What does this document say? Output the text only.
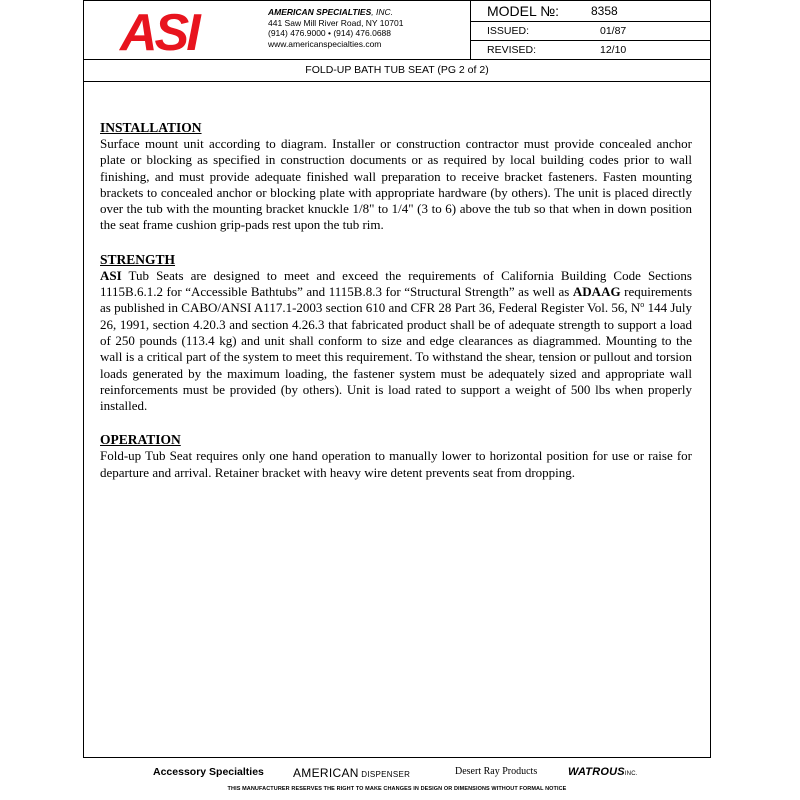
ASI	AMERICAN SPECIALTIES, INC.
441 Saw Mill River Road, NY 10701
(914) 476.9000 • (914) 476.0688
www.americanspecialties.com
MODEL №:	8358
ISSUED:	01/87
REVISED:	12/10
FOLD-UP BATH TUB SEAT (PG 2 of 2)
INSTALLATION

Surface mount unit according to diagram. Installer or construction contractor must provide concealed anchor plate or blocking as specified in construction documents or as required by local building codes prior to wall finishing, and must provide adequate finished wall preparation to receive bracket fasteners. Fasten mounting brackets to concealed anchor or blocking plate with appropriate hardware (by others). The unit is placed directly over the tub with the mounting bracket knuckle 1/8" to 1/4" (3 to 6) above the tub so that when in down position the seat frame cushion grip-pads rest upon the tub rim.

STRENGTH

ASI Tub Seats are designed to meet and exceed the requirements of California Building Code Sections 1115B.6.1.2 for “Accessible Bathtubs” and 1115B.8.3 for “Structural Strength” as well as ADAAG requirements as published in CABO/ANSI A117.1-2003 section 610 and CFR 28 Part 36, Federal Register Vol. 56, $N^o$ 144 July 26, 1991, section 4.20.3 and section 4.26.3 that fabricated product shall be of adequate strength to support a load of 250 pounds (113.4 kg) and unit shall conform to size and edge clearances as diagrammed. Mounting to the wall is a critical part of the system to meet this requirement. To withstand the shear, tension or pullout and torsion loads generated by the maximum loading, the fastener system must be adequately sized and appropriate wall reinforcements must be provided (by others). Unit is load rated to support a weight of 500 lbs when properly installed.

OPERATION

Fold-up Tub Seat requires only one hand operation to manually lower to horizontal position for use or raise for departure and arrival. Retainer bracket with heavy wire detent prevents seat from dropping.

Accessory Specialties AMERICAN DISPENSER	Desert Ray Products	WATROUSINC.
THIS MANUFACTURER RESERVES THE RIGHT TO MAKE CHANGES IN DESIGN OR DIMENSIONS WITHOUT FORMAL NOTICE
